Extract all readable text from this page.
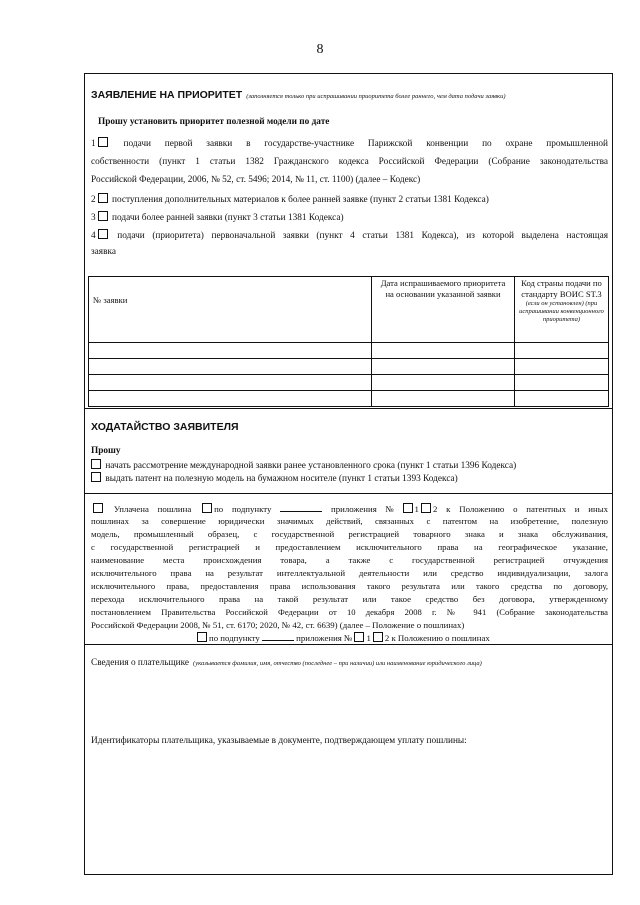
8
ЗАЯВЛЕНИЕ НА ПРИОРИТЕТ (заполняется только при испрашивании приоритета более раннего, чем дата подачи заявки)
Прошу установить приоритет полезной модели по дате
1	подачи первой заявки в государстве-участнике Парижской конвенции по охране промышленной
собственности (пункт 1 статьи 1382 Гражданского кодекса Российской Федерации (Собрание законодательства
Российской Федерации, 2006, № 52, ст. 5496; 2014, № 11, ст. 1100) (далее – Кодекс)
2 поступления дополнительных материалов к более ранней заявке (пункт 2 статьи 1381 Кодекса)
3 подачи более ранней заявки (пункт 3 статьи 1381 Кодекса)
4 подачи (приоритета) первоначальной заявки (пункт 4 статьи 1381 Кодекса), из которой выделена настоящая
заявка
№ заявки	Дата испрашиваемого приоритета на основании указанной заявки	Код страны подачи по стандарту ВОИС ST.3
(если он установлен) (при испрашивании конвенционного приоритета)

ХОДАТАЙСТВО ЗАЯВИТЕЛЯ
Прошу
начать рассмотрение международной заявки ранее установленного срока (пункт 1 статьи 1396 Кодекса)
выдать патент на полезную модель на бумажном носителе (пункт 1 статьи 1393 Кодекса)
Уплачена пошлина	по подпункту	приложения № 1 2 к Положению о патентных и иных
пошлинах за совершение юридически значимых действий, связанных с патентом на изобретение, полезную
модель, промышленный образец, с государственной регистрацией товарного знака и знака обслуживания,
с государственной регистрацией и предоставлением исключительного права на географическое указание,
наименование места происхождения товара, а также с государственной регистрацией отчуждения
исключительного права на результат интеллектуальной деятельности или средство индивидуализации, залога
исключительного права, предоставления права использования такого результата или такого средства по договору,
перехода исключительного права на такой результат или такое средство без договора, утвержденному
постановлением Правительства Российской Федерации от 10 декабря 2008 г. № 941 (Собрание законодательства
Российской Федерации 2008, № 51, ст. 6170; 2020, № 42, ст. 6639) (далее – Положение о пошлинах)
по подпункту	приложения № 1 2 к Положению о пошлинах
Сведения о плательщике (указывается фамилия, имя, отчество (последнее – при наличии) или наименование юридического лица)
Идентификаторы плательщика, указываемые в документе, подтверждающем уплату пошлины:
